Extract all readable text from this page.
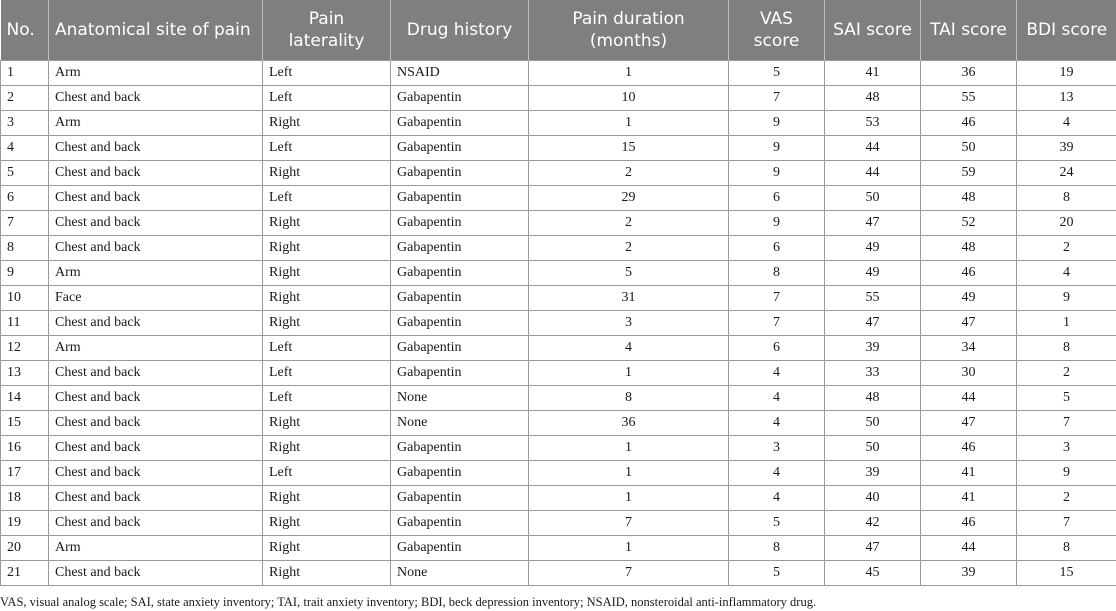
No.	Anatomical site of pain	Pain laterality	Drug history	Pain duration (months)	VAS score	SAI score	TAI score	BDI score
1	Arm	Left	NSAID	1	5	41	36	19
2	Chest and back	Left	Gabapentin	10	7	48	55	13
3	Arm	Right	Gabapentin	1	9	53	46	4
4	Chest and back	Left	Gabapentin	15	9	44	50	39
5	Chest and back	Right	Gabapentin	2	9	44	59	24
6	Chest and back	Left	Gabapentin	29	6	50	48	8
7	Chest and back	Right	Gabapentin	2	9	47	52	20
8	Chest and back	Right	Gabapentin	2	6	49	48	2
9	Arm	Right	Gabapentin	5	8	49	46	4
10	Face	Right	Gabapentin	31	7	55	49	9
11	Chest and back	Right	Gabapentin	3	7	47	47	1
12	Arm	Left	Gabapentin	4	6	39	34	8
13	Chest and back	Left	Gabapentin	1	4	33	30	2
14	Chest and back	Left	None	8	4	48	44	5
15	Chest and back	Right	None	36	4	50	47	7
16	Chest and back	Right	Gabapentin	1	3	50	46	3
17	Chest and back	Left	Gabapentin	1	4	39	41	9
18	Chest and back	Right	Gabapentin	1	4	40	41	2
19	Chest and back	Right	Gabapentin	7	5	42	46	7
20	Arm	Right	Gabapentin	1	8	47	44	8
21	Chest and back	Right	None	7	5	45	39	15
VAS, visual analog scale; SAI, state anxiety inventory; TAI, trait anxiety inventory; BDI, beck depression inventory; NSAID, nonsteroidal anti-inflammatory drug.
